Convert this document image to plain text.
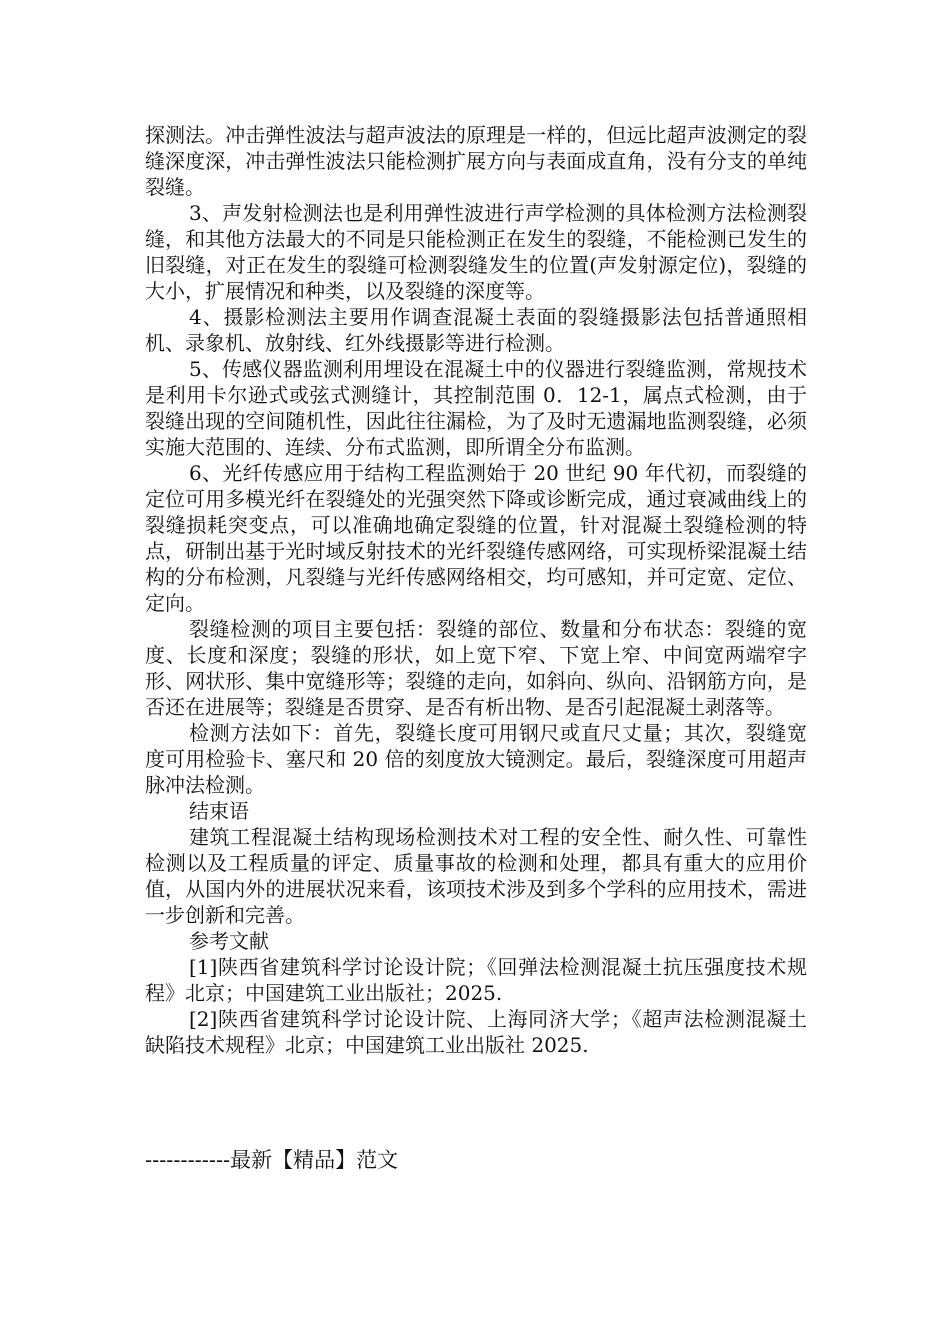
探测法。冲击弹性波法与超声波法的原理是一样的，但远比超声波测定的裂缝深度深，冲击弹性波法只能检测扩展方向与表面成直角，没有分支的单纯裂缝。

3、声发射检测法也是利用弹性波进行声学检测的具体检测方法检测裂缝，和其他方法最大的不同是只能检测正在发生的裂缝，不能检测已发生的旧裂缝，对正在发生的裂缝可检测裂缝发生的位置(声发射源定位)，裂缝的大小，扩展情况和种类，以及裂缝的深度等。

4、摄影检测法主要用作调查混凝土表面的裂缝摄影法包括普通照相机、录象机、放射线、红外线摄影等进行检测。

5、传感仪器监测利用埋设在混凝土中的仪器进行裂缝监测，常规技术是利用卡尔逊式或弦式测缝计，其控制范围 0．12-1，属点式检测，由于裂缝出现的空间随机性，因此往往漏检，为了及时无遗漏地监测裂缝，必须实施大范围的、连续、分布式监测，即所谓全分布监测。

6、光纤传感应用于结构工程监测始于 20 世纪 90 年代初，而裂缝的定位可用多模光纤在裂缝处的光强突然下降或诊断完成，通过衰减曲线上的裂缝损耗突变点，可以准确地确定裂缝的位置，针对混凝土裂缝检测的特点，研制出基于光时域反射技术的光纤裂缝传感网络，可实现桥梁混凝土结构的分布检测，凡裂缝与光纤传感网络相交，均可感知，并可定宽、定位、定向。

裂缝检测的项目主要包括：裂缝的部位、数量和分布状态：裂缝的宽度、长度和深度；裂缝的形状，如上宽下窄、下宽上窄、中间宽两端窄字形、网状形、集中宽缝形等；裂缝的走向，如斜向、纵向、沿钢筋方向，是否还在进展等；裂缝是否贯穿、是否有析出物、是否引起混凝土剥落等。

检测方法如下：首先，裂缝长度可用钢尺或直尺丈量；其次，裂缝宽度可用检验卡、塞尺和 20 倍的刻度放大镜测定。最后，裂缝深度可用超声脉冲法检测。

结束语

建筑工程混凝土结构现场检测技术对工程的安全性、耐久性、可靠性检测以及工程质量的评定、质量事故的检测和处理，都具有重大的应用价值，从国内外的进展状况来看，该项技术涉及到多个学科的应用技术，需进一步创新和完善。

参考文献

[1]陕西省建筑科学讨论设计院；《回弹法检测混凝土抗压强度技术规程》北京；中国建筑工业出版社；2025.

[2]陕西省建筑科学讨论设计院、上海同济大学；《超声法检测混凝土缺陷技术规程》北京；中国建筑工业出版社 2025.

------------最新【精品】范文
